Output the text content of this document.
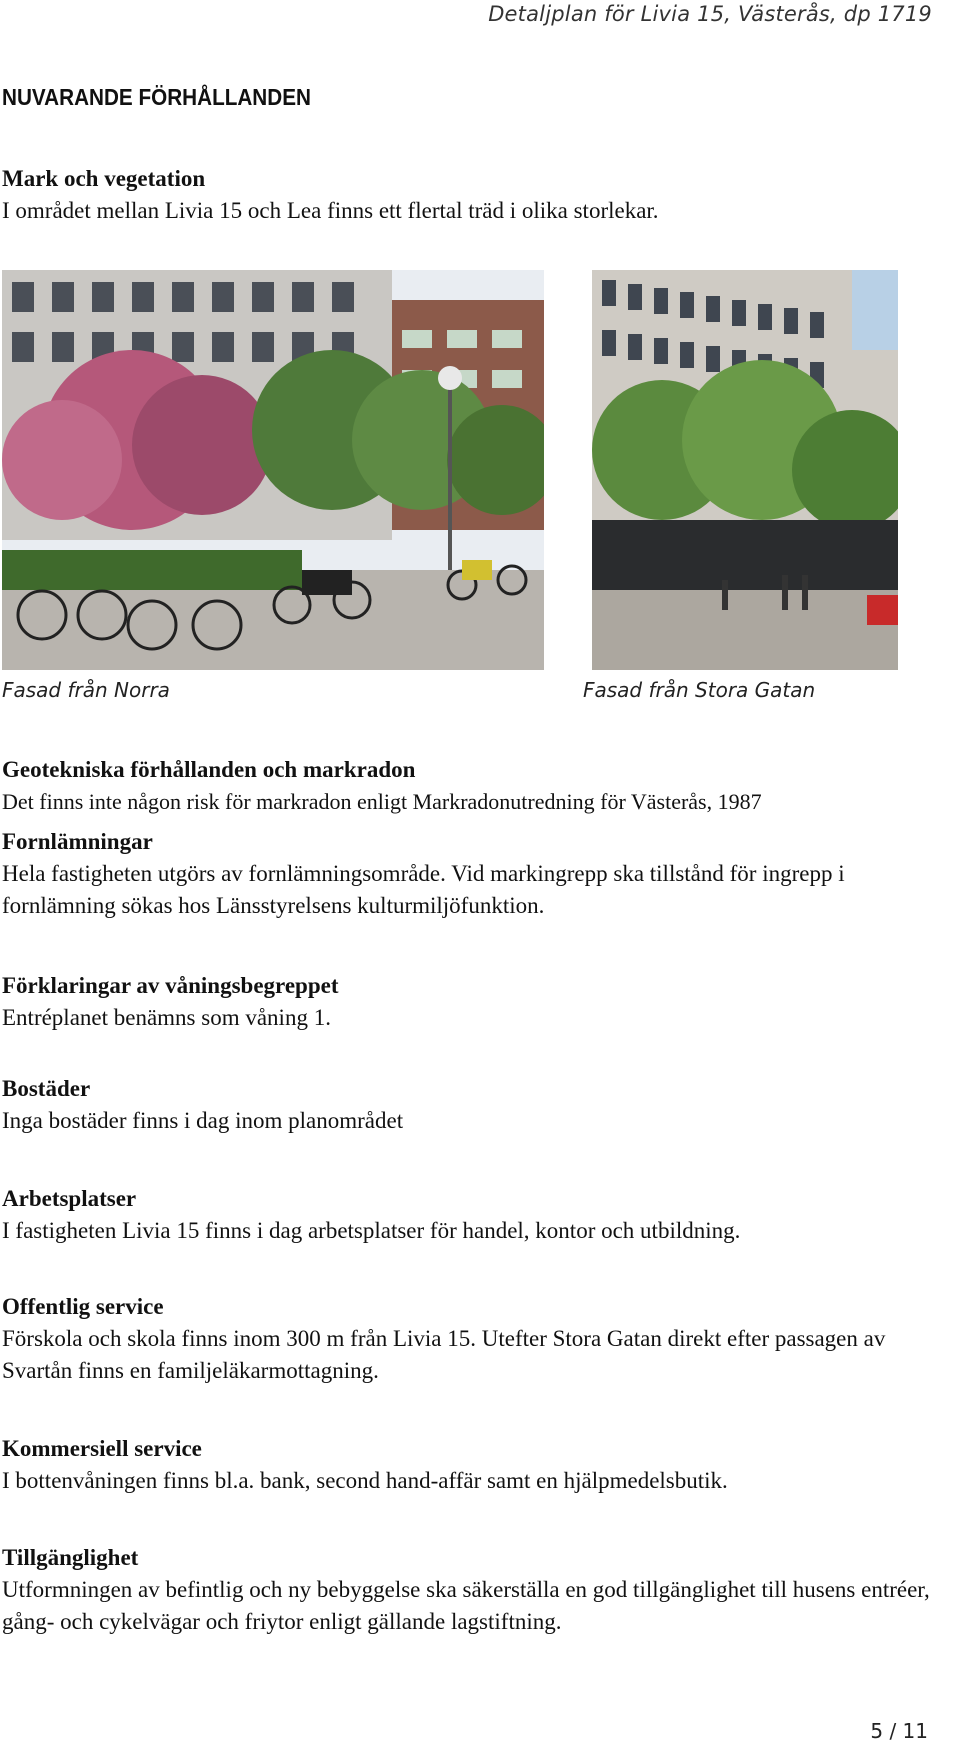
Detaljplan för Livia 15, Västerås, dp 1719
NUVARANDE FÖRHÅLLANDEN
Mark och vegetation
I området mellan Livia 15 och Lea finns ett flertal träd i olika storlekar.
Fasad från Norra	Fasad från Stora Gatan
Geotekniska förhållanden och markradon
Det finns inte någon risk för markradon enligt Markradonutredning för Västerås, 1987
Fornlämningar
Hela fastigheten utgörs av fornlämningsområde. Vid markingrepp ska tillstånd för ingrepp i fornlämning sökas hos Länsstyrelsens kulturmiljöfunktion.
Förklaringar av våningsbegreppet
Entréplanet benämns som våning 1.
Bostäder
Inga bostäder finns i dag inom planområdet
Arbetsplatser
I fastigheten Livia 15 finns i dag arbetsplatser för handel, kontor och utbildning.
Offentlig service
Förskola och skola finns inom 300 m från Livia 15. Utefter Stora Gatan direkt efter passagen av Svartån finns en familjeläkarmottagning.
Kommersiell service
I bottenvåningen finns bl.a. bank, second hand-affär samt en hjälpmedelsbutik.
Tillgänglighet
Utformningen av befintlig och ny bebyggelse ska säkerställa en god tillgänglighet till husens entréer, gång- och cykelvägar och friytor enligt gällande lagstiftning.
5 / 11
